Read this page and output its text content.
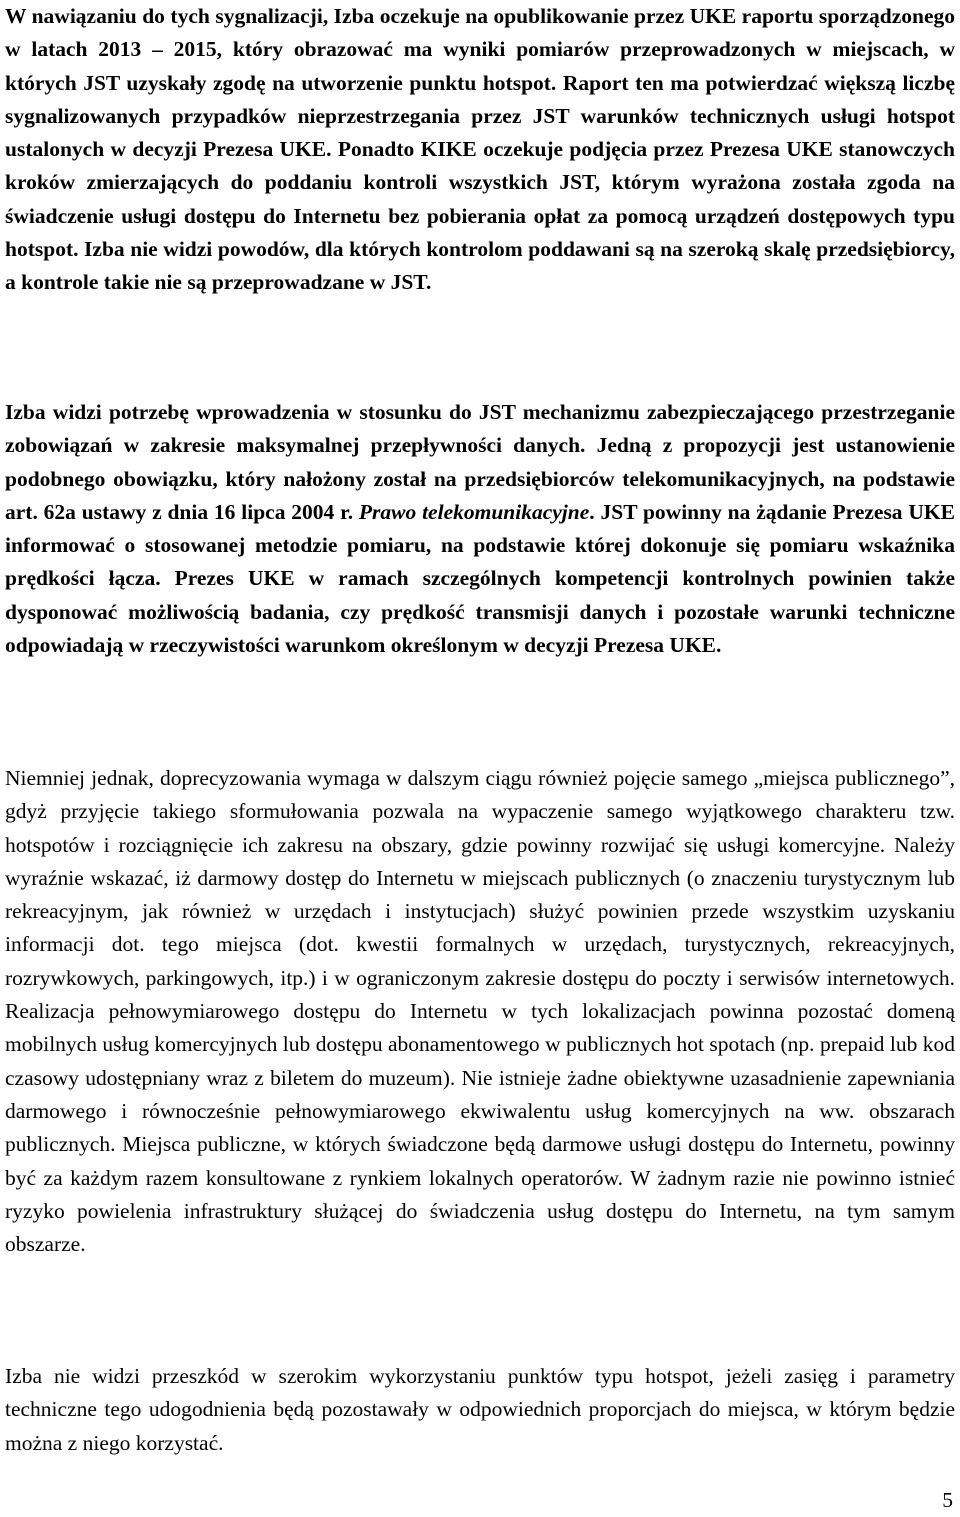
W nawiązaniu do tych sygnalizacji, Izba oczekuje na opublikowanie przez UKE raportu sporządzonego w latach 2013 – 2015, który obrazować ma wyniki pomiarów przeprowadzonych w miejscach, w których JST uzyskały zgodę na utworzenie punktu hotspot. Raport ten ma potwierdzać większą liczbę sygnalizowanych przypadków nieprzestrzegania przez JST warunków technicznych usługi hotspot ustalonych w decyzji Prezesa UKE. Ponadto KIKE oczekuje podjęcia przez Prezesa UKE stanowczych kroków zmierzających do poddaniu kontroli wszystkich JST, którym wyrażona została zgoda na świadczenie usługi dostępu do Internetu bez pobierania opłat za pomocą urządzeń dostępowych typu hotspot. Izba nie widzi powodów, dla których kontrolom poddawani są na szeroką skalę przedsiębiorcy, a kontrole takie nie są przeprowadzane w JST.

Izba widzi potrzebę wprowadzenia w stosunku do JST mechanizmu zabezpieczającego przestrzeganie zobowiązań w zakresie maksymalnej przepływności danych. Jedną z propozycji jest ustanowienie podobnego obowiązku, który nałożony został na przedsiębiorców telekomunikacyjnych, na podstawie art. 62a ustawy z dnia 16 lipca 2004 r. Prawo telekomunikacyjne. JST powinny na żądanie Prezesa UKE informować o stosowanej metodzie pomiaru, na podstawie której dokonuje się pomiaru wskaźnika prędkości łącza. Prezes UKE w ramach szczególnych kompetencji kontrolnych powinien także dysponować możliwością badania, czy prędkość transmisji danych i pozostałe warunki techniczne odpowiadają w rzeczywistości warunkom określonym w decyzji Prezesa UKE.

Niemniej jednak, doprecyzowania wymaga w dalszym ciągu również pojęcie samego „miejsca publicznego”, gdyż przyjęcie takiego sformułowania pozwala na wypaczenie samego wyjątkowego charakteru tzw. hotspotów i rozciągnięcie ich zakresu na obszary, gdzie powinny rozwijać się usługi komercyjne. Należy wyraźnie wskazać, iż darmowy dostęp do Internetu w miejscach publicznych (o znaczeniu turystycznym lub rekreacyjnym, jak również w urzędach i instytucjach) służyć powinien przede wszystkim uzyskaniu informacji dot. tego miejsca (dot. kwestii formalnych w urzędach, turystycznych, rekreacyjnych, rozrywkowych, parkingowych, itp.) i w ograniczonym zakresie dostępu do poczty i serwisów internetowych. Realizacja pełnowymiarowego dostępu do Internetu w tych lokalizacjach powinna pozostać domeną mobilnych usług komercyjnych lub dostępu abonamentowego w publicznych hot spotach (np. prepaid lub kod czasowy udostępniany wraz z biletem do muzeum). Nie istnieje żadne obiektywne uzasadnienie zapewniania darmowego i równocześnie pełnowymiarowego ekwiwalentu usług komercyjnych na ww. obszarach publicznych. Miejsca publiczne, w których świadczone będą darmowe usługi dostępu do Internetu, powinny być za każdym razem konsultowane z rynkiem lokalnych operatorów. W żadnym razie nie powinno istnieć ryzyko powielenia infrastruktury służącej do świadczenia usług dostępu do Internetu, na tym samym obszarze.

Izba nie widzi przeszkód w szerokim wykorzystaniu punktów typu hotspot, jeżeli zasięg i parametry techniczne tego udogodnienia będą pozostawały w odpowiednich proporcjach do miejsca, w którym będzie można z niego korzystać.

5
